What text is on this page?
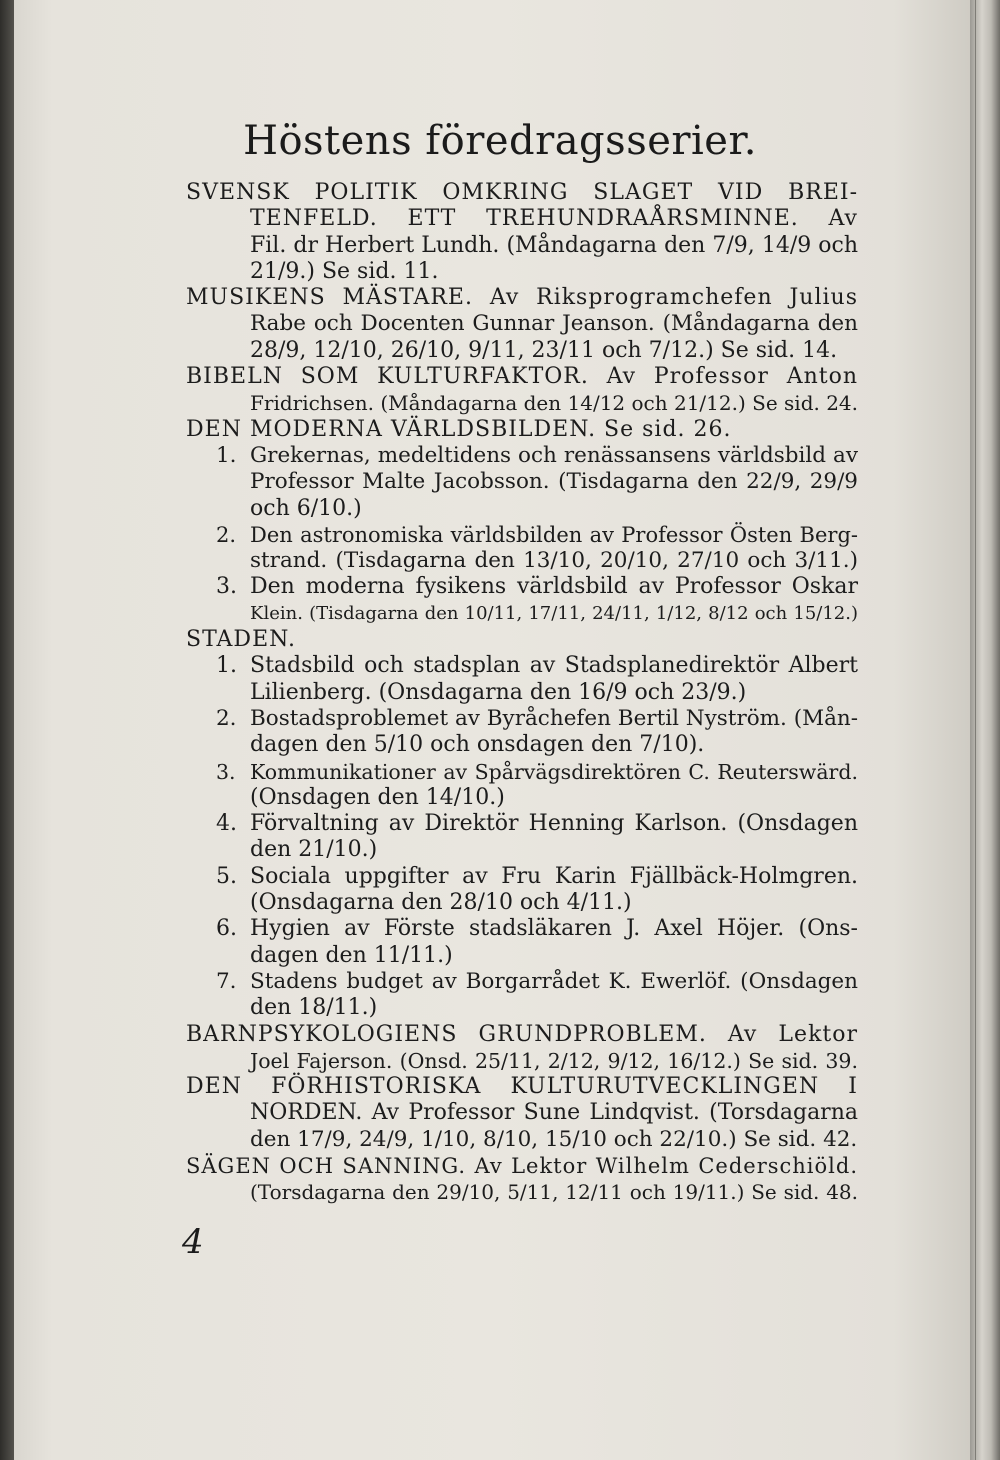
Höstens föredragsserier.
SVENSK POLITIK OMKRING SLAGET VID BREI-
TENFELD. ETT TREHUNDRAÅRSMINNE. Av
Fil. dr Herbert Lundh. (Måndagarna den 7/9, 14/9 och
21/9.) Se sid. 11.
MUSIKENS MÄSTARE. Av Riksprogramchefen Julius
Rabe och Docenten Gunnar Jeanson. (Måndagarna den
28/9, 12/10, 26/10, 9/11, 23/11 och 7/12.) Se sid. 14.
BIBELN SOM KULTURFAKTOR. Av Professor Anton
Fridrichsen. (Måndagarna den 14/12 och 21/12.) Se sid. 24.
DEN MODERNA VÄRLDSBILDEN. Se sid. 26.
1. Grekernas, medeltidens och renässansens världsbild av
Professor Malte Jacobsson. (Tisdagarna den 22/9, 29/9
och 6/10.)
2. Den astronomiska världsbilden av Professor Östen Berg-
strand. (Tisdagarna den 13/10, 20/10, 27/10 och 3/11.)
3. Den moderna fysikens världsbild av Professor Oskar
Klein. (Tisdagarna den 10/11, 17/11, 24/11, 1/12, 8/12 och 15/12.)
STADEN.
1. Stadsbild och stadsplan av Stadsplanedirektör Albert
Lilienberg. (Onsdagarna den 16/9 och 23/9.)
2. Bostadsproblemet av Byråchefen Bertil Nyström. (Mån-
dagen den 5/10 och onsdagen den 7/10).
3. Kommunikationer av Spårvägsdirektören C. Reuterswärd.
(Onsdagen den 14/10.)
4. Förvaltning av Direktör Henning Karlson. (Onsdagen
den 21/10.)
5. Sociala uppgifter av Fru Karin Fjällbäck-Holmgren.
(Onsdagarna den 28/10 och 4/11.)
6. Hygien av Förste stadsläkaren J. Axel Höjer. (Ons-
dagen den 11/11.)
7. Stadens budget av Borgarrådet K. Ewerlöf. (Onsdagen
den 18/11.)
BARNPSYKOLOGIENS GRUNDPROBLEM. Av Lektor
Joel Fajerson. (Onsd. 25/11, 2/12, 9/12, 16/12.) Se sid. 39.
DEN FÖRHISTORISKA KULTURUTVECKLINGEN I
NORDEN. Av Professor Sune Lindqvist. (Torsdagarna
den 17/9, 24/9, 1/10, 8/10, 15/10 och 22/10.) Se sid. 42.
SÄGEN OCH SANNING. Av Lektor Wilhelm Cederschiöld.
(Torsdagarna den 29/10, 5/11, 12/11 och 19/11.) Se sid. 48.
4
